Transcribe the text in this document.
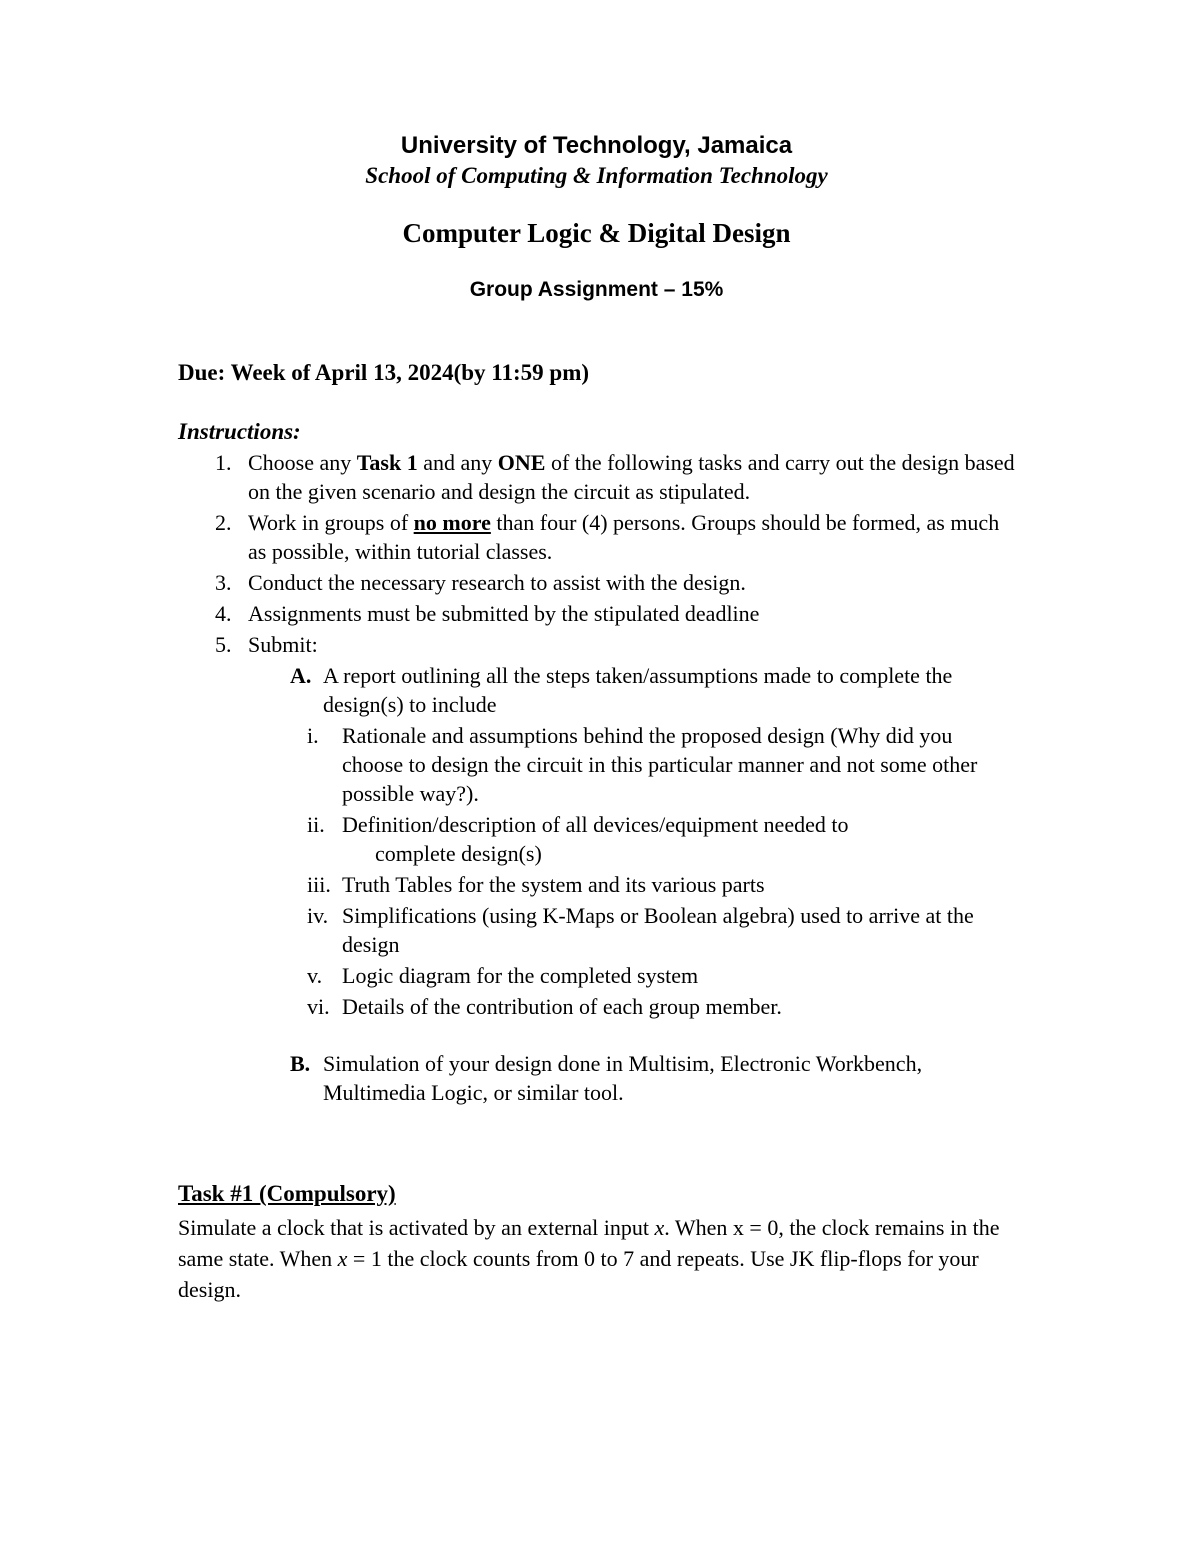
University of Technology, Jamaica
School of Computing & Information Technology
Computer Logic & Digital Design
Group Assignment – 15%
Due: Week of April 13, 2024(by 11:59 pm)
Instructions:
1. Choose any Task 1 and any ONE of the following tasks and carry out the design based on the given scenario and design the circuit as stipulated.
2. Work in groups of no more than four (4) persons. Groups should be formed, as much as possible, within tutorial classes.
3. Conduct the necessary research to assist with the design.
4. Assignments must be submitted by the stipulated deadline
5. Submit:
A. A report outlining all the steps taken/assumptions made to complete the design(s) to include
i.	Rationale and assumptions behind the proposed design (Why did you choose to design the circuit in this particular manner and not some other possible way?).
ii. Definition/description of all devices/equipment needed to
complete design(s)
iii. Truth Tables for the system and its various parts
iv. Simplifications (using K-Maps or Boolean algebra) used to arrive at the design
v. Logic diagram for the completed system
vi. Details of the contribution of each group member.
B. Simulation of your design done in Multisim, Electronic Workbench, Multimedia Logic, or similar tool.
Task #1 (Compulsory)
Simulate a clock that is activated by an external input x. When x = 0, the clock remains in the same state. When x = 1 the clock counts from 0 to 7 and repeats. Use JK flip-flops for your design.
